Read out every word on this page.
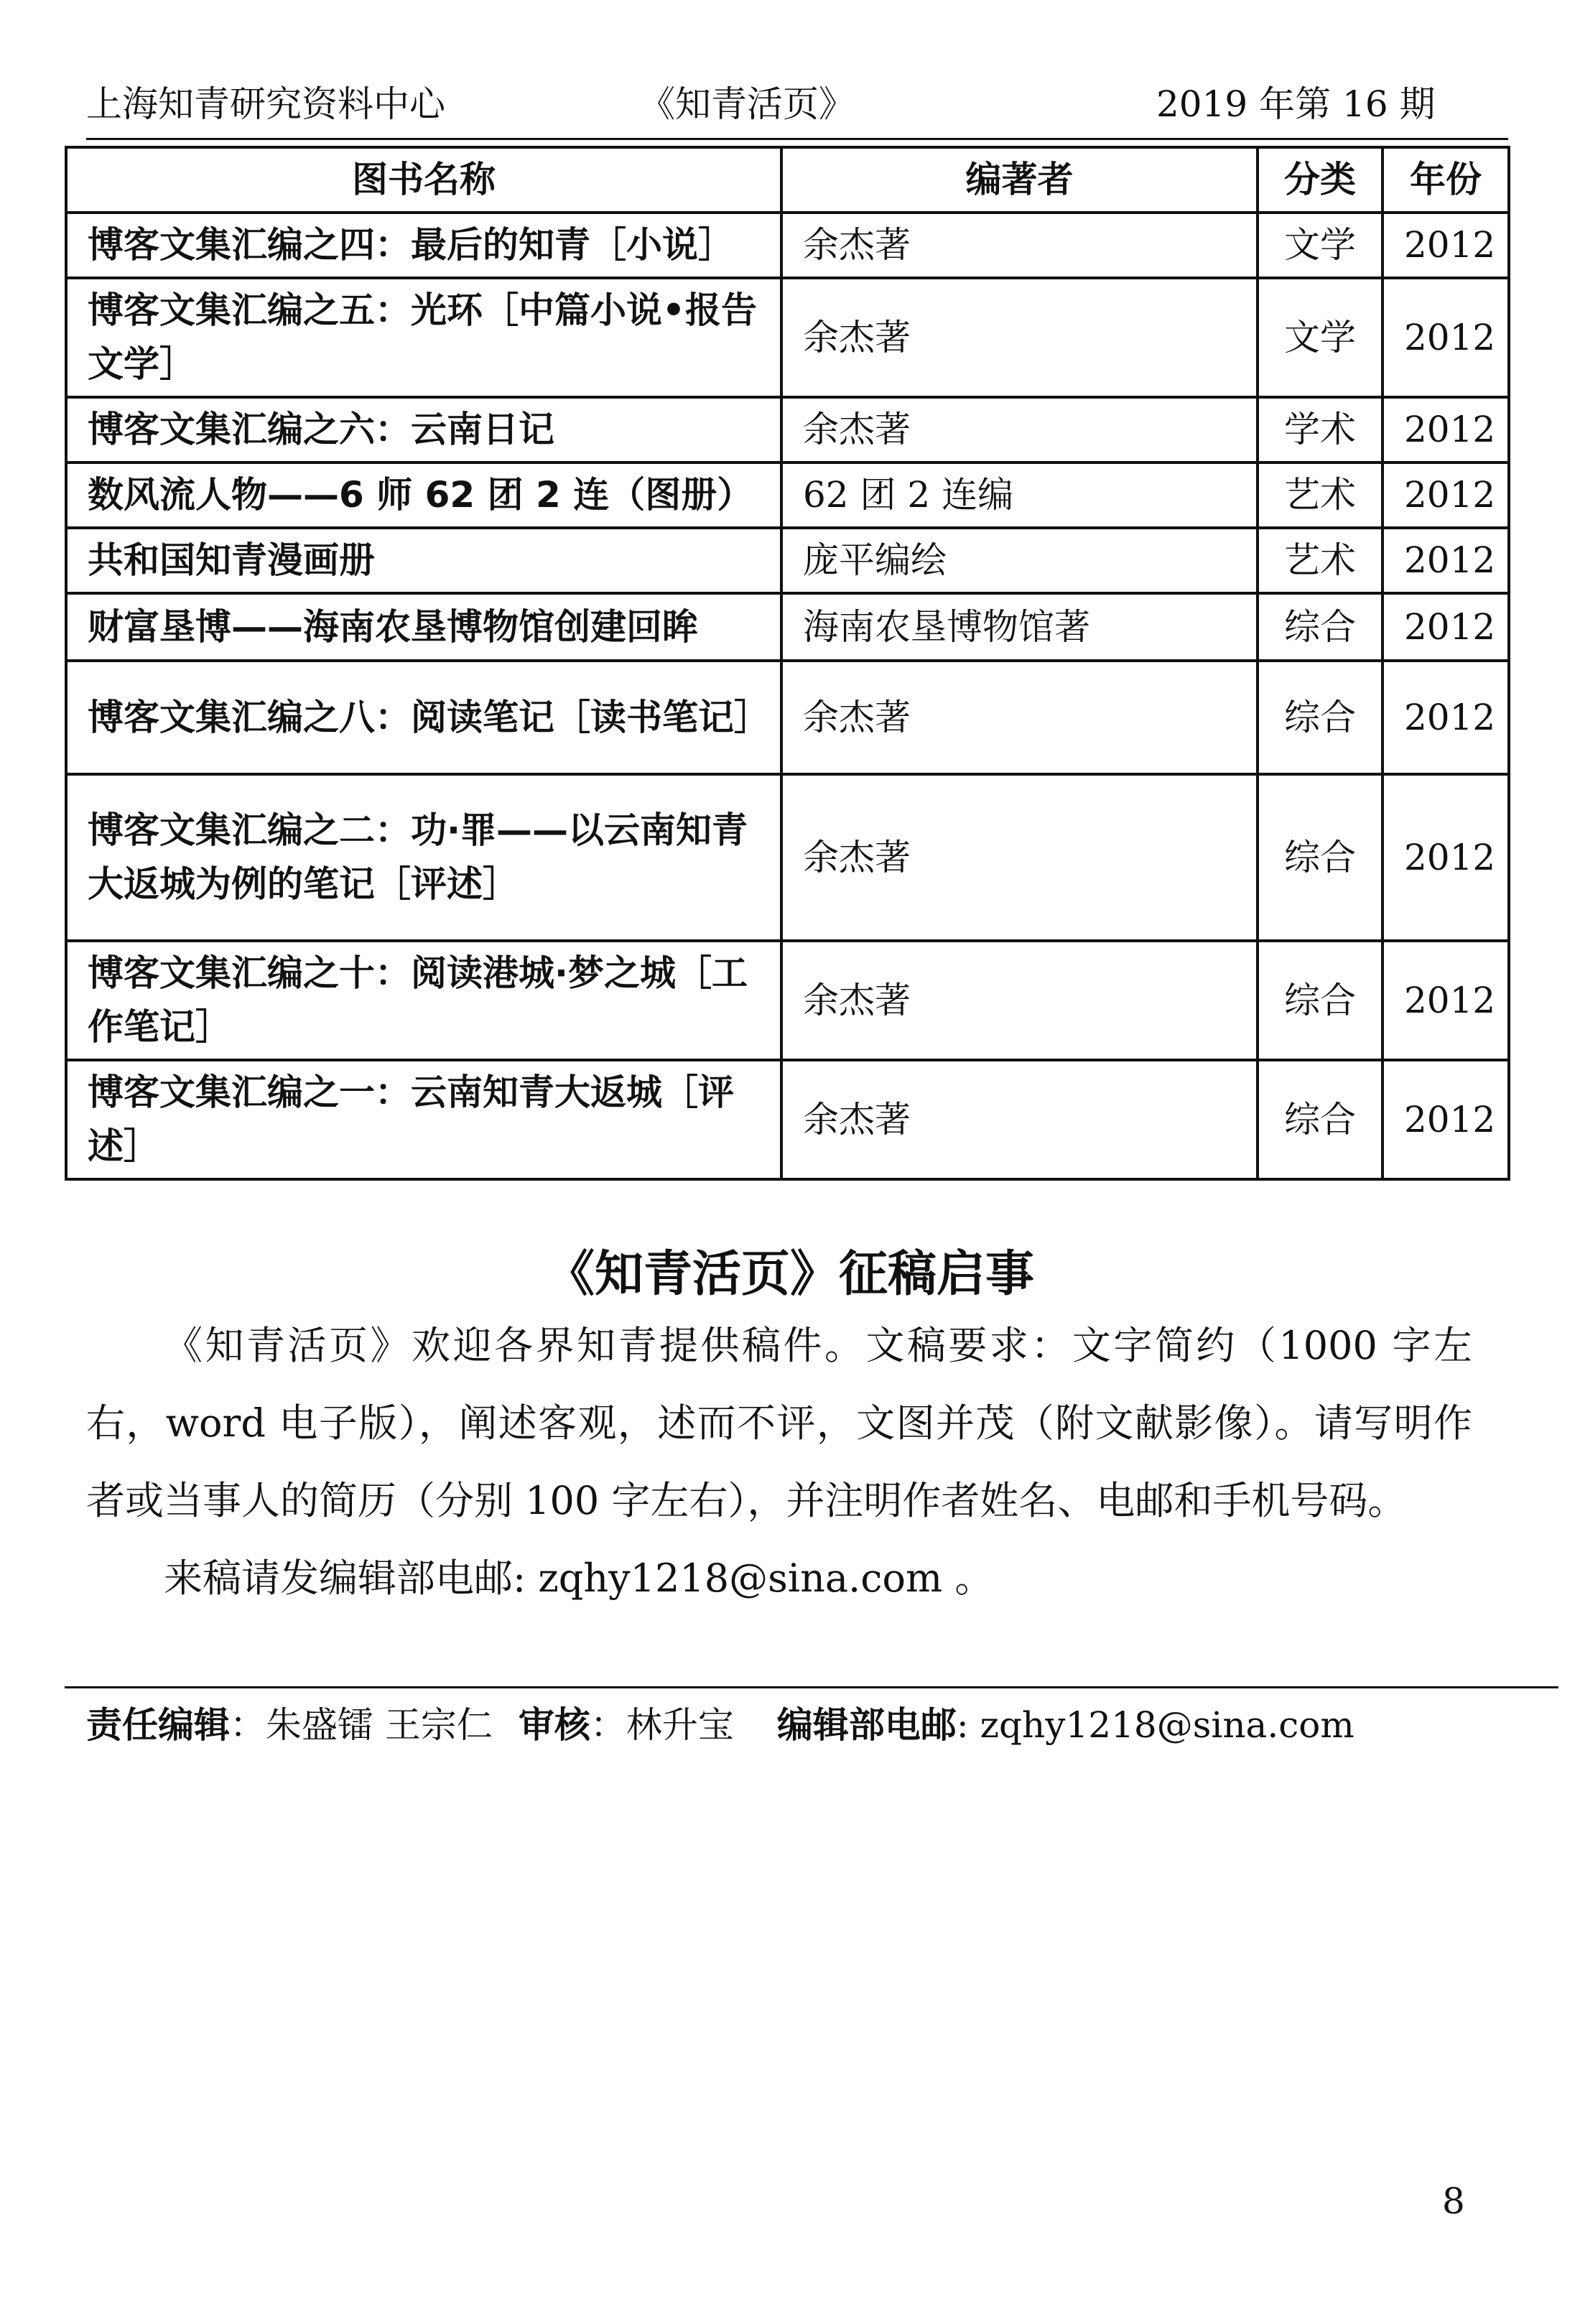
上海知青研究资料中心	《知青活页》	2019 年第 16 期
图书名称	编著者	分类	年份
博客文集汇编之四：最后的知青［小说］	余杰著	文学	2012
博客文集汇编之五：光环［中篇小说•报告文学］	余杰著	文学	2012
博客文集汇编之六：云南日记	余杰著	学术	2012
数风流人物——6 师 62 团 2 连（图册）	62 团 2 连编	艺术	2012
共和国知青漫画册	庞平编绘	艺术	2012
财富垦博——海南农垦博物馆创建回眸	海南农垦博物馆著	综合	2012
博客文集汇编之八：阅读笔记［读书笔记］	余杰著	综合	2012
博客文集汇编之二：功·罪——以云南知青大返城为例的笔记［评述］	余杰著	综合	2012
博客文集汇编之十：阅读港城·梦之城［工作笔记］	余杰著	综合	2012
博客文集汇编之一：云南知青大返城［评述］	余杰著	综合	2012
《知青活页》征稿启事

《知青活页》欢迎各界知青提供稿件。文稿要求：文字简约（1000 字左右，word 电子版），阐述客观，述而不评，文图并茂（附文献影像）。请写明作者或当事人的简历（分别 100 字左右），并注明作者姓名、电邮和手机号码。

来稿请发编辑部电邮: zqhy1218@sina.com 。

责任编辑：朱盛镭 王宗仁 审核：林升宝 编辑部电邮: zqhy1218@sina.com
8
